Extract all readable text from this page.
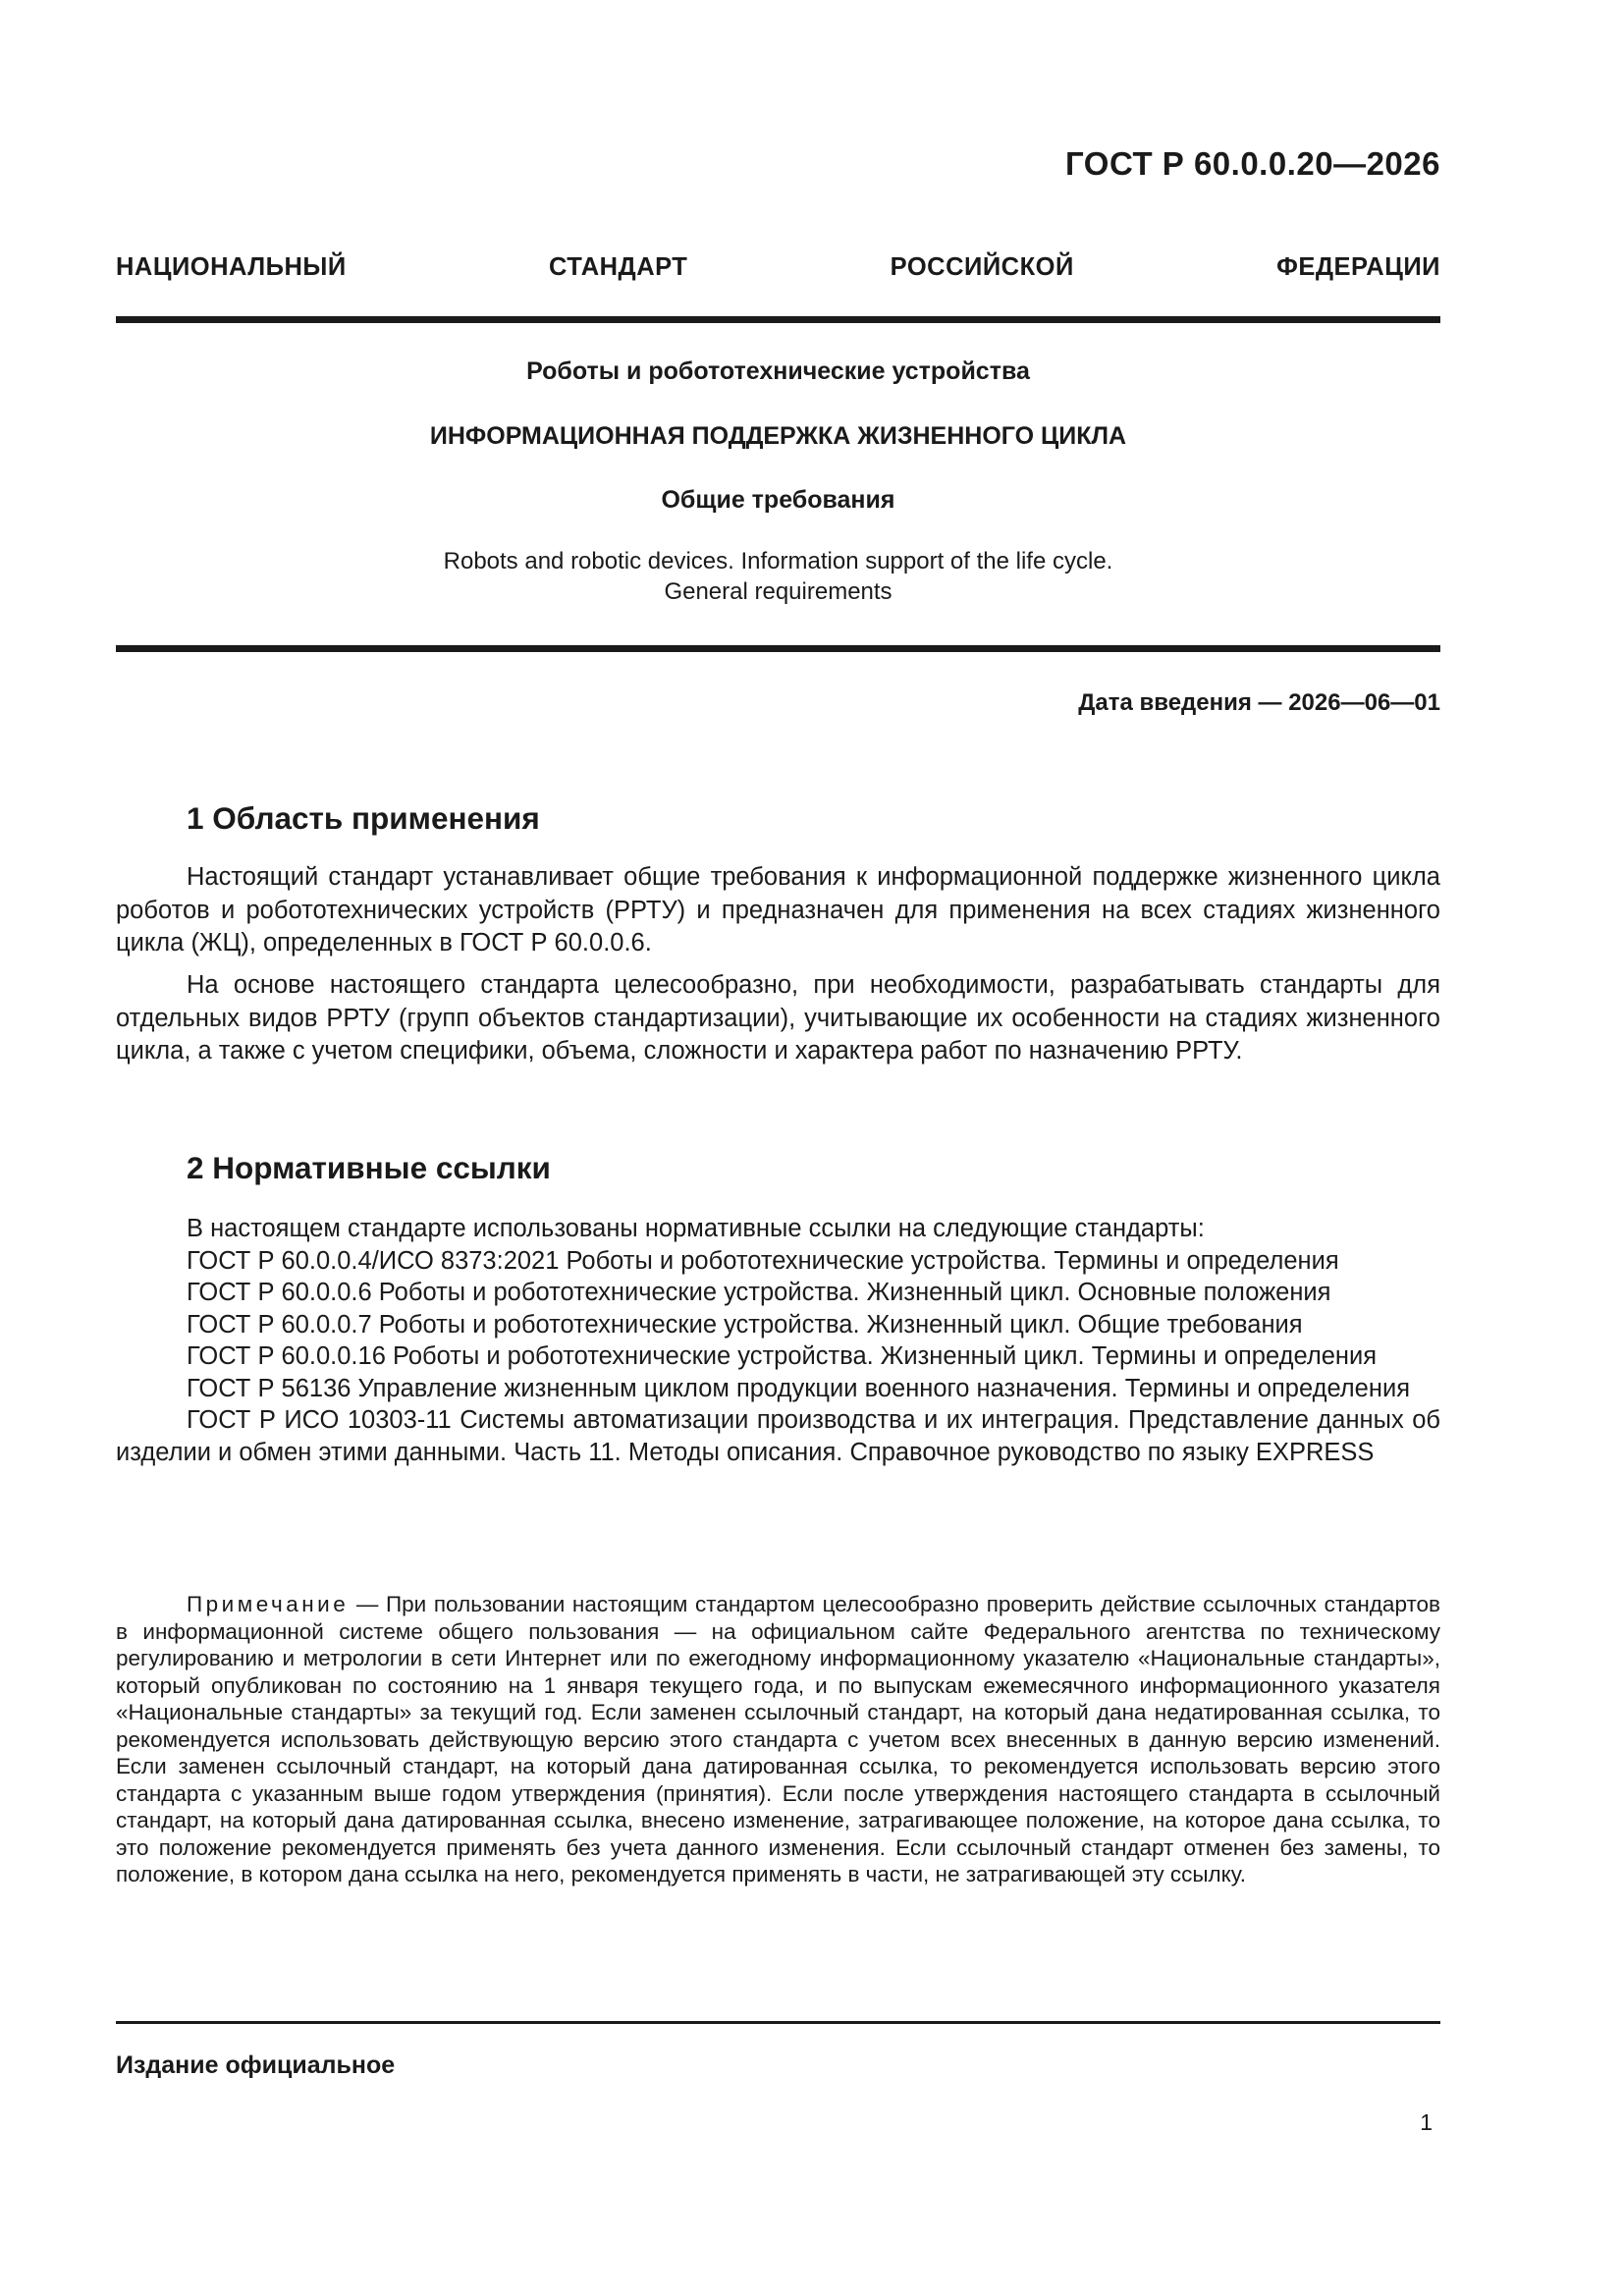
ГОСТ Р 60.0.0.20—2026
НАЦИОНАЛЬНЫЙ СТАНДАРТ РОССИЙСКОЙ ФЕДЕРАЦИИ
Роботы и робототехнические устройства
ИНФОРМАЦИОННАЯ ПОДДЕРЖКА ЖИЗНЕННОГО ЦИКЛА
Общие требования
Robots and robotic devices. Information support of the life cycle.
General requirements
Дата введения — 2026—06—01
1 Область применения

Настоящий стандарт устанавливает общие требования к информационной поддержке жизненного цикла роботов и робототехнических устройств (РРТУ) и предназначен для применения на всех стадиях жизненного цикла (ЖЦ), определенных в ГОСТ Р 60.0.0.6.

На основе настоящего стандарта целесообразно, при необходимости, разрабатывать стандарты для отдельных видов РРТУ (групп объектов стандартизации), учитывающие их особенности на стадиях жизненного цикла, а также с учетом специфики, объема, сложности и характера работ по назначению РРТУ.

2 Нормативные ссылки

В настоящем стандарте использованы нормативные ссылки на следующие стандарты:

ГОСТ Р 60.0.0.4/ИСО 8373:2021 Роботы и робототехнические устройства. Термины и определения

ГОСТ Р 60.0.0.6 Роботы и робототехнические устройства. Жизненный цикл. Основные положения

ГОСТ Р 60.0.0.7 Роботы и робототехнические устройства. Жизненный цикл. Общие требования

ГОСТ Р 60.0.0.16 Роботы и робототехнические устройства. Жизненный цикл. Термины и определения

ГОСТ Р 56136 Управление жизненным циклом продукции военного назначения. Термины и определения

ГОСТ Р ИСО 10303-11 Системы автоматизации производства и их интеграция. Представление данных об изделии и обмен этими данными. Часть 11. Методы описания. Справочное руководство по языку EXPRESS

Примечание — При пользовании настоящим стандартом целесообразно проверить действие ссылочных стандартов в информационной системе общего пользования — на официальном сайте Федерального агентства по техническому регулированию и метрологии в сети Интернет или по ежегодному информационному указателю «Национальные стандарты», который опубликован по состоянию на 1 января текущего года, и по выпускам ежемесячного информационного указателя «Национальные стандарты» за текущий год. Если заменен ссылочный стандарт, на который дана недатированная ссылка, то рекомендуется использовать действующую версию этого стандарта с учетом всех внесенных в данную версию изменений. Если заменен ссылочный стандарт, на который дана датированная ссылка, то рекомендуется использовать версию этого стандарта с указанным выше годом утверждения (принятия). Если после утверждения настоящего стандарта в ссылочный стандарт, на который дана датированная ссылка, внесено изменение, затрагивающее положение, на которое дана ссылка, то это положение рекомендуется применять без учета данного изменения. Если ссылочный стандарт отменен без замены, то положение, в котором дана ссылка на него, рекомендуется применять в части, не затрагивающей эту ссылку.

Издание официальное
1
